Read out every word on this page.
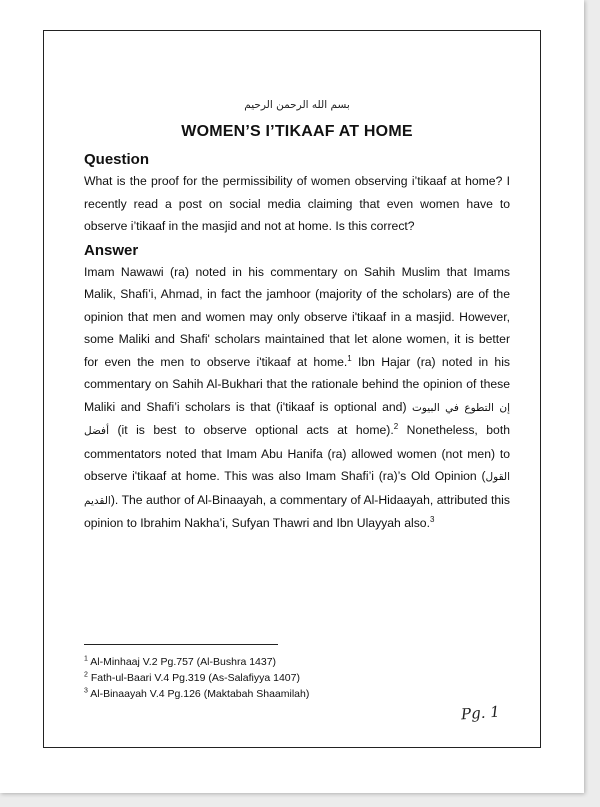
بسم الله الرحمن الرحيم
WOMEN’S I’TIKAAF AT HOME
Question

What is the proof for the permissibility of women observing i’tikaaf at home? I recently read a post on social media claiming that even women have to observe i’tikaaf in the masjid and not at home. Is this correct?

Answer

Imam Nawawi (ra) noted in his commentary on Sahih Muslim that Imams Malik, Shafi’i, Ahmad, in fact the jamhoor (majority of the scholars) are of the opinion that men and women may only observe i'tikaaf in a masjid. However, some Maliki and Shafi' scholars maintained that let alone women, it is better for even the men to observe i'tikaaf at home.$^1$ Ibn Hajar (ra) noted in his commentary on Sahih Al-Bukhari that the rationale behind the opinion of these Maliki and Shafi’i scholars is that (i'tikaaf is optional and) إن التطوع في البيوت أفضل (it is best to observe optional acts at home).$^2$ Nonetheless, both commentators noted that Imam Abu Hanifa (ra) allowed women (not men) to observe i'tikaaf at home. This was also Imam Shafi’i (ra)’s Old Opinion (القول القديم). The author of Al-Binaayah, a commentary of Al-Hidaayah, attributed this opinion to Ibrahim Nakha’i, Sufyan Thawri and Ibn Ulayyah also.$^3$

$^1$ Al-Minhaaj V.2 Pg.757 (Al-Bushra 1437)
$^2$ Fath-ul-Baari V.4 Pg.319 (As-Salafiyya 1407)
$^3$ Al-Binaayah V.4 Pg.126 (Maktabah Shaamilah)
Pg. 1
